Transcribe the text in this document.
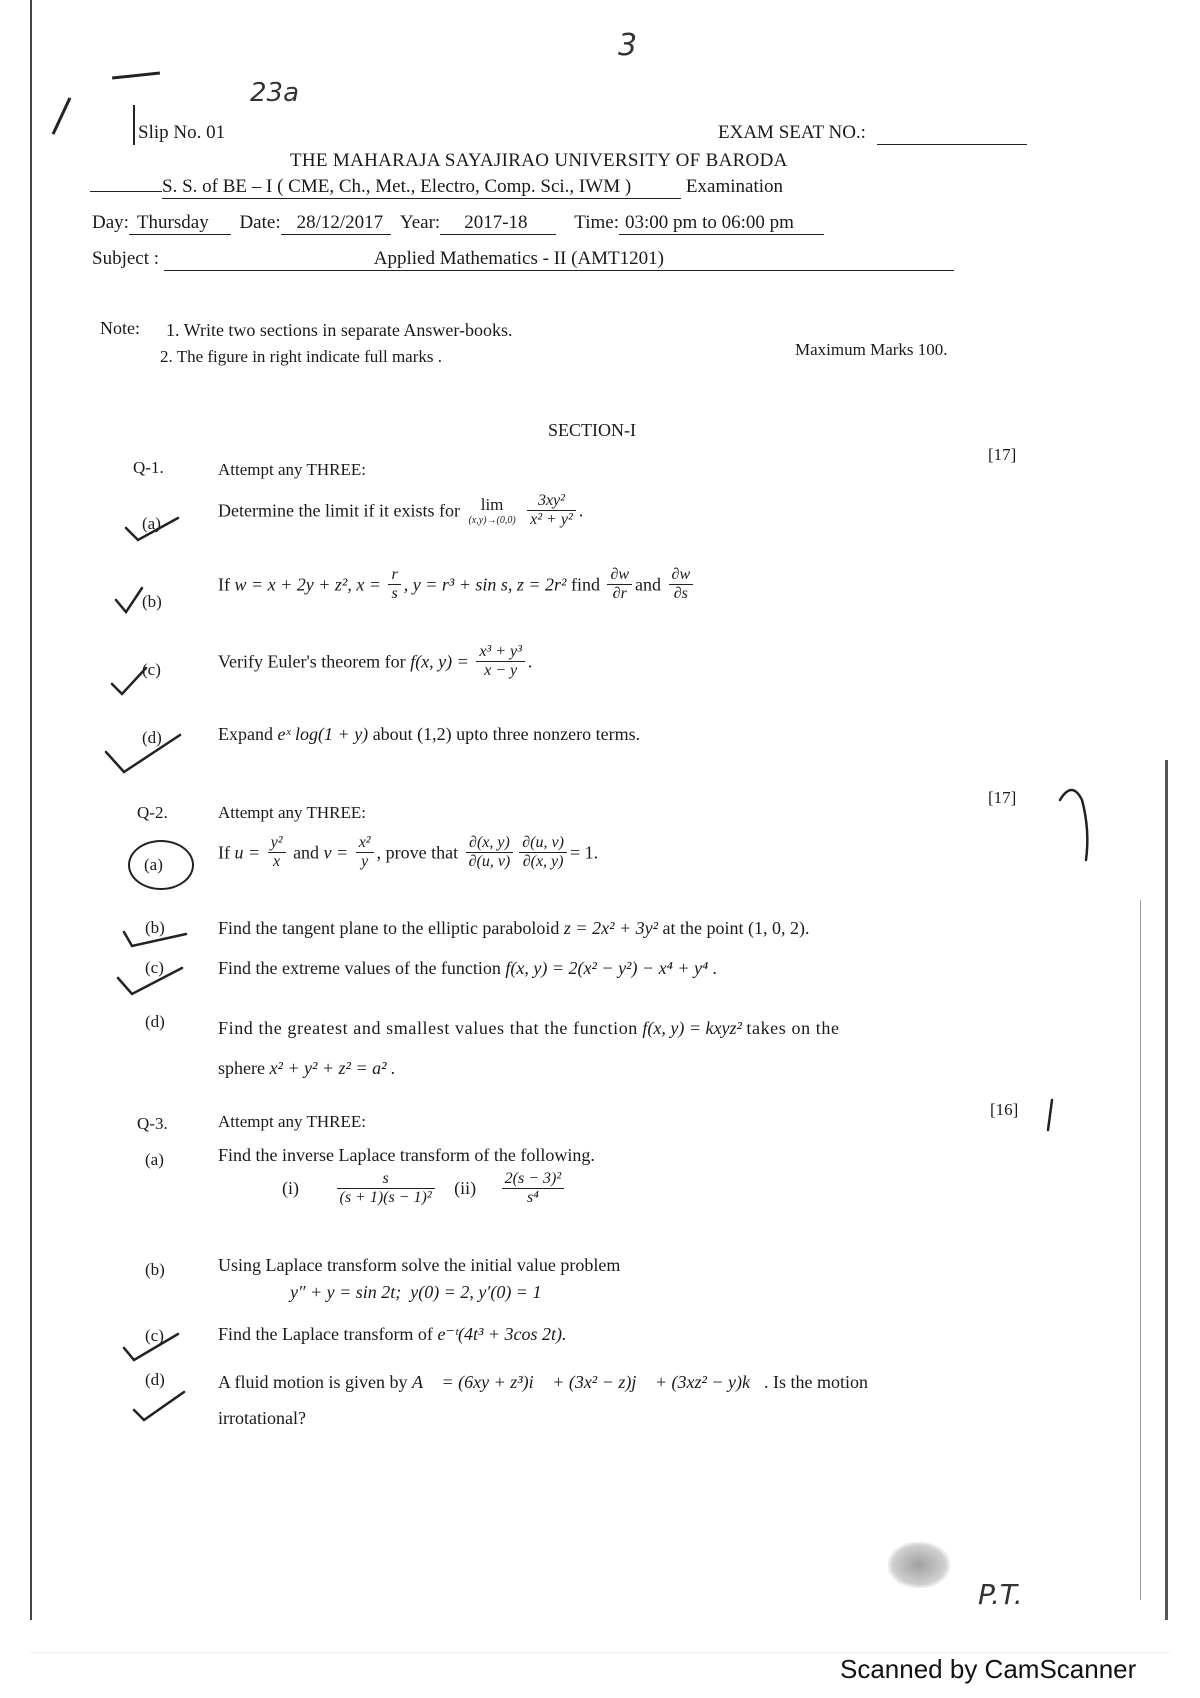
3
23a
Slip No. 01	EXAM SEAT NO.:
THE MAHARAJA SAYAJIRAO UNIVERSITY OF BARODA
S. S. of BE – I ( CME, Ch., Met., Electro, Comp. Sci., IWM )	Examination
Day: Thursday Date: 28/12/2017 Year: 2017-18 Time: 03:00 pm to 06:00 pm
Subject :	Applied Mathematics - II (AMT1201)
Note: 1. Write two sections in separate Answer-books.
2. The figure in right indicate full marks .	Maximum Marks 100.
SECTION-I
Q-1.	Attempt any THREE:
[17]
(a)
Determine the limit if it exists for	lim
(x,y)→(0,0)
$\frac{\text{3xy²}}{\text{x² + y²}}$ .
(b)
If w = x + 2y + z², $x = \frac{r}{s}$ , y = r³ + sin s, z = 2r² find $\frac{\partial w}{\partial r}$ and $\frac{\partial w}{\partial s}$
(c)	Verify Euler's theorem for f(x, $y) = \frac{\text{x³ + y³}}{x - y}$ .
(d)	Expand eˣ log(1 + y) about (1,2) upto three nonzero terms.
Q-2.	Attempt any THREE:
[17]
(a)
If $u = \frac{\text{y²}}{x}$ and $v = \frac{\text{x²}}{y}$ , prove that $\frac{\partial(x, y)}{\partial(u, v)} \frac{\partial(u, v)}{\partial(x, y)} = 1$.
(b)	Find the tangent plane to the elliptic paraboloid z = 2x² + 3y² at the point (1, 0, 2).
(c)	Find the extreme values of the function f(x, y) = 2(x² − y²) − x⁴ + y⁴ .
(d)	Find the greatest and smallest values that the function f(x, y) = kxyz² takes on the
sphere x² + y² + z² = a² .
Q-3.	Attempt any THREE:
[16]
(a)	Find the inverse Laplace transform of the following.
$(i) \frac{s}{\text{(s + 1)(s − 1)²}} (ii) \frac{\text{2(s − 3)²}}{\text{s⁴}}$
(b)	Using Laplace transform solve the initial value problem
y″ + y = sin 2t;  y(0) = 2, y′(0) = 1
(c)	Find the Laplace transform of e⁻ᵗ(4t³ + 3cos 2t).
(d)	A fluid motion is given by A⃗ = (6xy + z³)i⃗ + (3x² − z)j⃗ + (3xz² − y)k⃗. Is the motion
irrotational?
P.T.
Scanned by CamScanner
